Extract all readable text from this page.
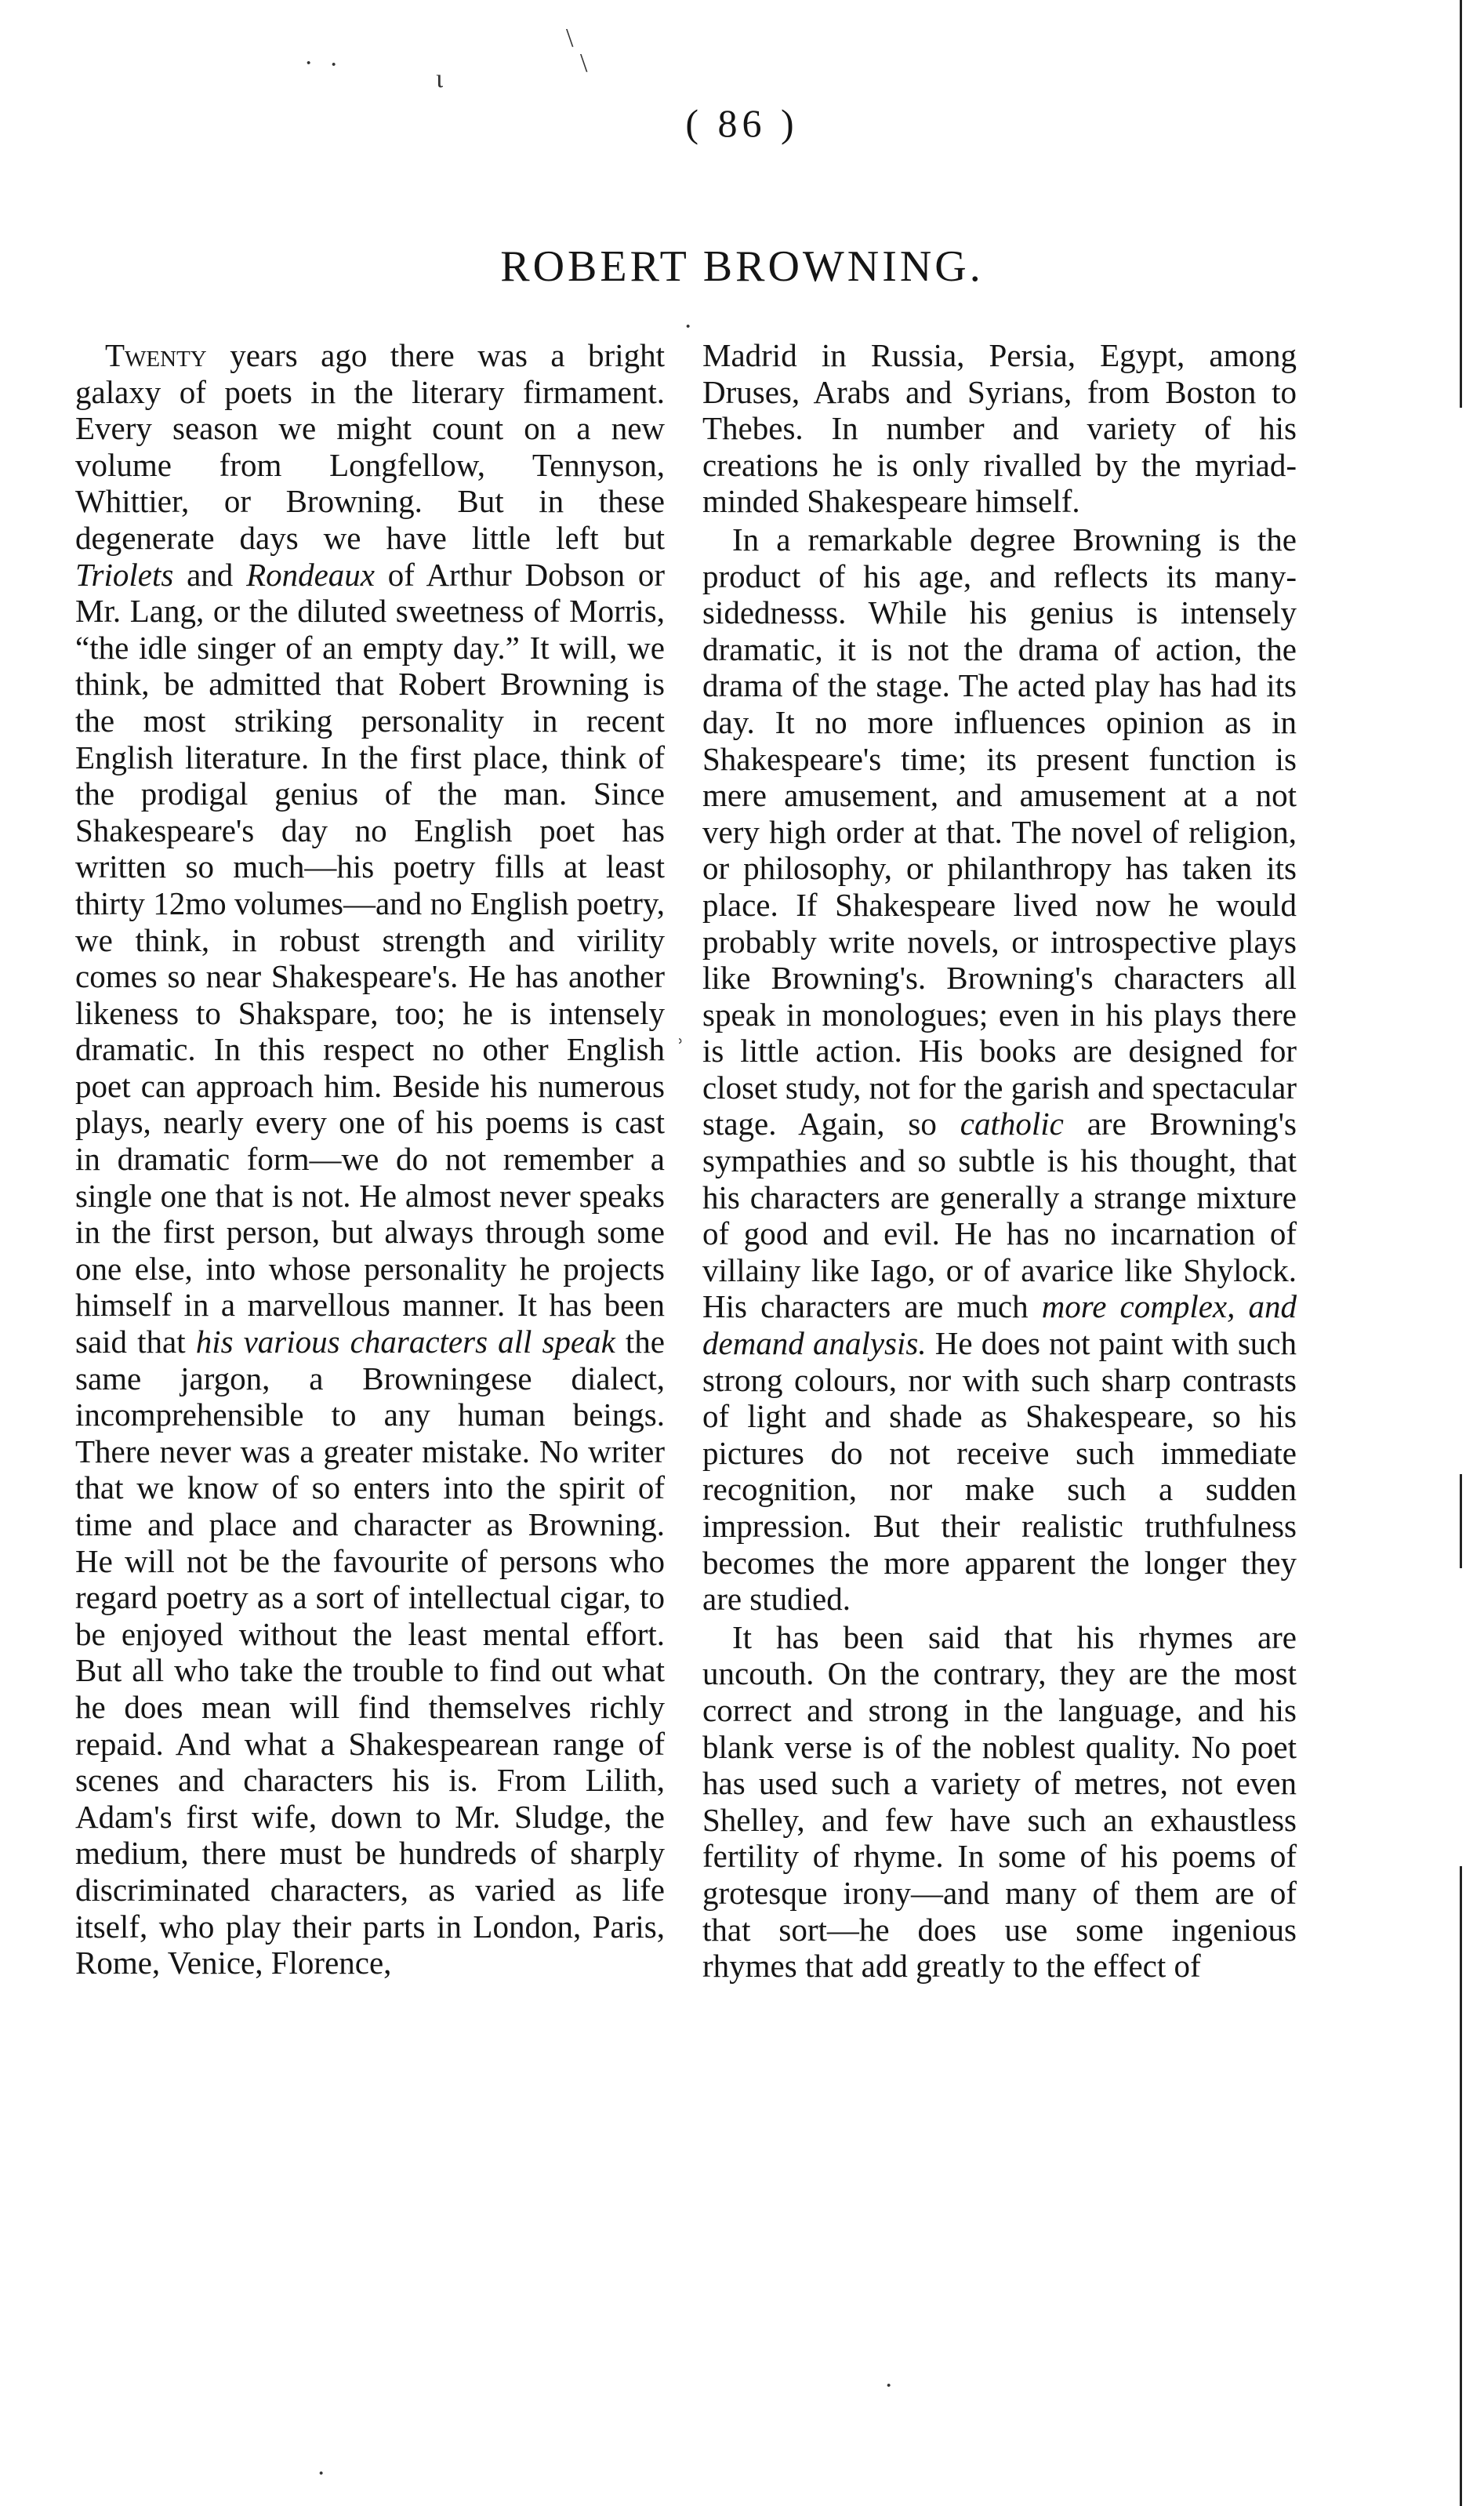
· ·	ι
\
\
·
ʾ
·
·
( 86 )
ROBERT BROWNING.

Twenty years ago there was a bright galaxy of poets in the literary firmament. Every season we might count on a new volume from Longfellow, Tennyson, Whittier, or Browning. But in these degenerate days we have little left but Triolets and Rondeaux of Arthur Dobson or Mr. Lang, or the diluted sweetness of Morris, “the idle singer of an empty day.” It will, we think, be admitted that Robert Browning is the most striking personality in recent English literature. In the first place, think of the prodigal genius of the man. Since Shakespeare's day no English poet has written so much—his poetry fills at least thirty 12mo volumes—and no English poetry, we think, in robust strength and virility comes so near Shakespeare's. He has another likeness to Shakspare, too; he is intensely dramatic. In this respect no other English poet can approach him. Beside his numerous plays, nearly every one of his poems is cast in dramatic form—we do not remember a single one that is not. He almost never speaks in the first person, but always through some one else, into whose personality he projects himself in a marvellous manner. It has been said that his various characters all speak the same jargon, a Browningese dialect, incomprehensible to any human beings. There never was a greater mistake. No writer that we know of so enters into the spirit of time and place and character as Browning. He will not be the favourite of persons who regard poetry as a sort of intellectual cigar, to be enjoyed without the least mental effort. But all who take the trouble to find out what he does mean will find themselves richly repaid. And what a Shakespearean range of scenes and characters his is. From Lilith, Adam's first wife, down to Mr. Sludge, the medium, there must be hundreds of sharply discriminated characters, as varied as life itself, who play their parts in London, Paris, Rome, Venice, Florence,

Madrid in Russia, Persia, Egypt, among Druses, Arabs and Syrians, from Boston to Thebes. In number and variety of his creations he is only rivalled by the myriad-minded Shakespeare himself.

In a remarkable degree Browning is the product of his age, and reflects its many-sidednesss. While his genius is intensely dramatic, it is not the drama of action, the drama of the stage. The acted play has had its day. It no more influences opinion as in Shakespeare's time; its present function is mere amusement, and amusement at a not very high order at that. The novel of religion, or philosophy, or philanthropy has taken its place. If Shakespeare lived now he would probably write novels, or introspective plays like Browning's. Browning's characters all speak in monologues; even in his plays there is little action. His books are designed for closet study, not for the garish and spectacular stage. Again, so catholic are Browning's sympathies and so subtle is his thought, that his characters are generally a strange mixture of good and evil. He has no incarnation of villainy like Iago, or of avarice like Shylock. His characters are much more complex, and demand analysis. He does not paint with such strong colours, nor with such sharp contrasts of light and shade as Shakespeare, so his pictures do not receive such immediate recognition, nor make such a sudden impression. But their realistic truthfulness becomes the more apparent the longer they are studied.

It has been said that his rhymes are uncouth. On the contrary, they are the most correct and strong in the language, and his blank verse is of the noblest quality. No poet has used such a variety of metres, not even Shelley, and few have such an exhaustless fertility of rhyme. In some of his poems of grotesque irony—and many of them are of that sort—he does use some ingenious rhymes that add greatly to the effect of
